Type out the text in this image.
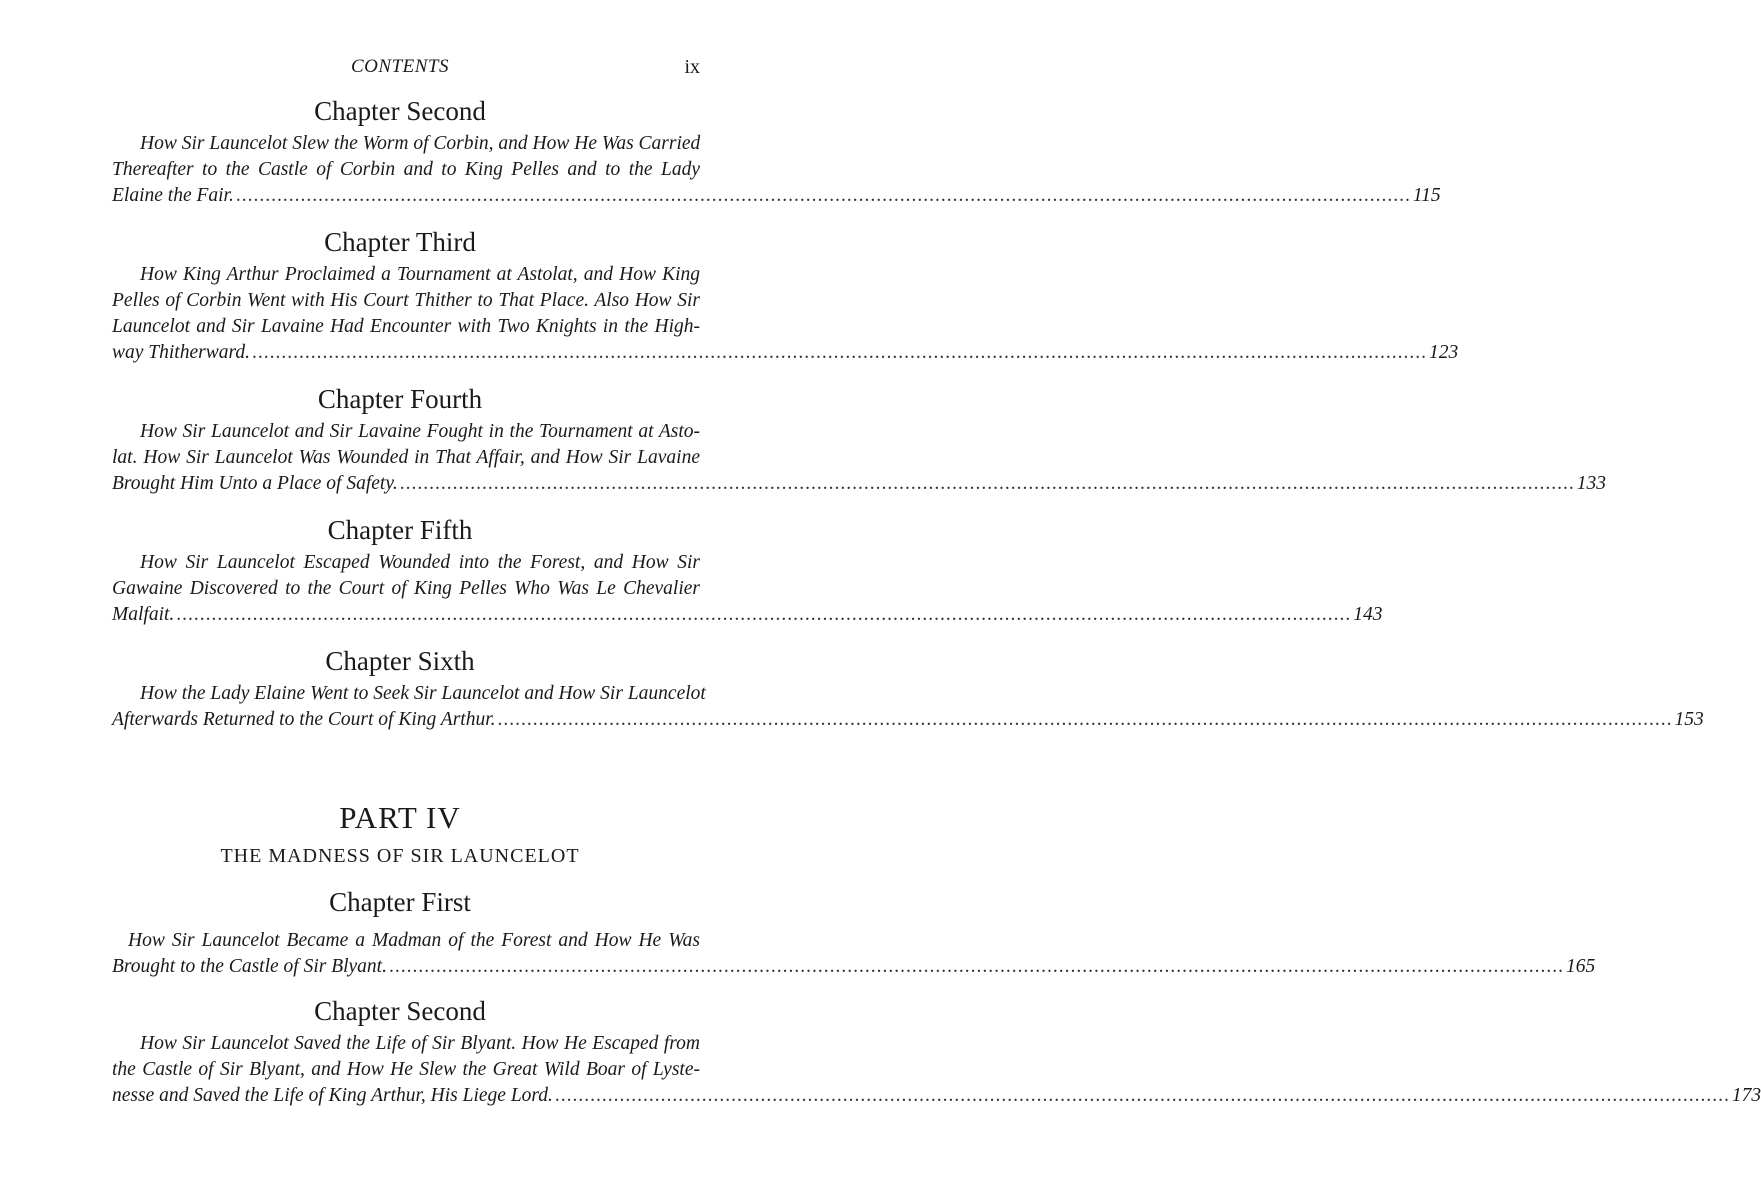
CONTENTS	ix
Chapter Second
How Sir Launcelot Slew the Worm of Corbin, and How He Was Carried
Thereafter to the Castle of Corbin and to King Pelles and to the Lady
Elaine the Fair. ........................................................................................................................................................................................................ 115
Chapter Third
How King Arthur Proclaimed a Tournament at Astolat, and How King
Pelles of Corbin Went with His Court Thither to That Place. Also How Sir
Launcelot and Sir Lavaine Had Encounter with Two Knights in the High-
way Thitherward. ........................................................................................................................................................................................................ 123
Chapter Fourth
How Sir Launcelot and Sir Lavaine Fought in the Tournament at Asto-
lat. How Sir Launcelot Was Wounded in That Affair, and How Sir Lavaine
Brought Him Unto a Place of Safety. ........................................................................................................................................................................................................ 133
Chapter Fifth
How Sir Launcelot Escaped Wounded into the Forest, and How Sir
Gawaine Discovered to the Court of King Pelles Who Was Le Chevalier
Malfait. ........................................................................................................................................................................................................ 143
Chapter Sixth
How the Lady Elaine Went to Seek Sir Launcelot and How Sir Launcelot
Afterwards Returned to the Court of King Arthur. ........................................................................................................................................................................................................ 153
PART IV
THE MADNESS OF SIR LAUNCELOT
Chapter First
How Sir Launcelot Became a Madman of the Forest and How He Was
Brought to the Castle of Sir Blyant. ........................................................................................................................................................................................................ 165
Chapter Second
How Sir Launcelot Saved the Life of Sir Blyant. How He Escaped from
the Castle of Sir Blyant, and How He Slew the Great Wild Boar of Lyste-
nesse and Saved the Life of King Arthur, His Liege Lord. ........................................................................................................................................................................................................ 173
